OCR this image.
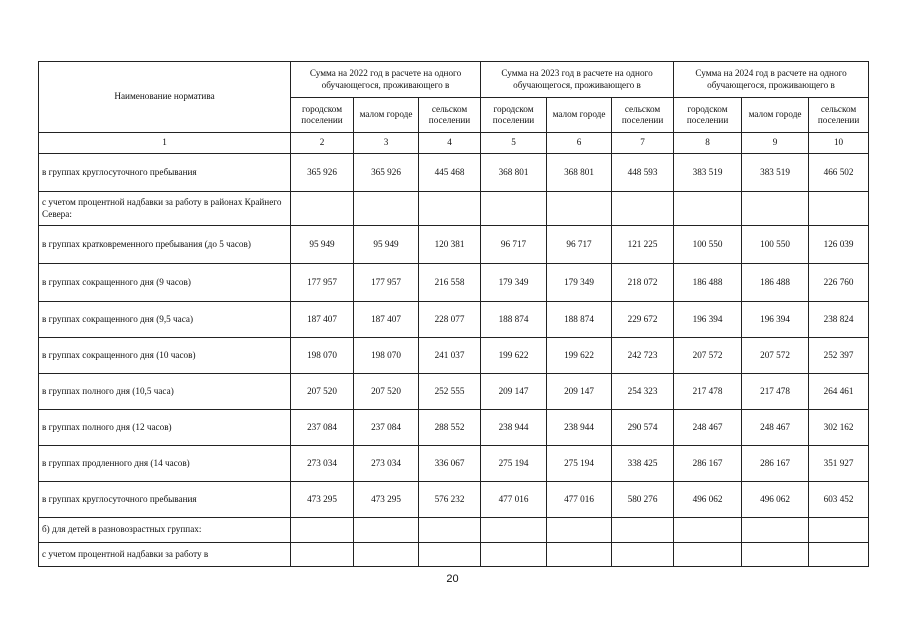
Наименование норматива	Сумма на 2022 год в расчете на одного обучающегося, проживающего в			Сумма на 2023 год в расчете на одного обучающегося, проживающего в			Сумма на 2024 год в расчете на одного обучающегося, проживающего в		
	городском поселении	малом городе	сельском поселении	городском поселении	малом городе	сельском поселении	городском поселении	малом городе	сельском поселении
1	2	3	4	5	6	7	8	9	10
в группах круглосуточного пребывания	365 926	365 926	445 468	368 801	368 801	448 593	383 519	383 519	466 502
с учетом процентной надбавки за работу в районах Крайнего Севера:									
в группах кратковременного пребывания (до 5 часов)	95 949	95 949	120 381	96 717	96 717	121 225	100 550	100 550	126 039
в группах сокращенного дня (9 часов)	177 957	177 957	216 558	179 349	179 349	218 072	186 488	186 488	226 760
в группах сокращенного дня (9,5 часа)	187 407	187 407	228 077	188 874	188 874	229 672	196 394	196 394	238 824
в группах сокращенного дня (10 часов)	198 070	198 070	241 037	199 622	199 622	242 723	207 572	207 572	252 397
в группах полного дня (10,5 часа)	207 520	207 520	252 555	209 147	209 147	254 323	217 478	217 478	264 461
в группах полного дня (12 часов)	237 084	237 084	288 552	238 944	238 944	290 574	248 467	248 467	302 162
в группах продленного дня (14 часов)	273 034	273 034	336 067	275 194	275 194	338 425	286 167	286 167	351 927
в группах круглосуточного пребывания	473 295	473 295	576 232	477 016	477 016	580 276	496 062	496 062	603 452
б) для детей в разновозрастных группах:									
с учетом процентной надбавки за работу в									
20
